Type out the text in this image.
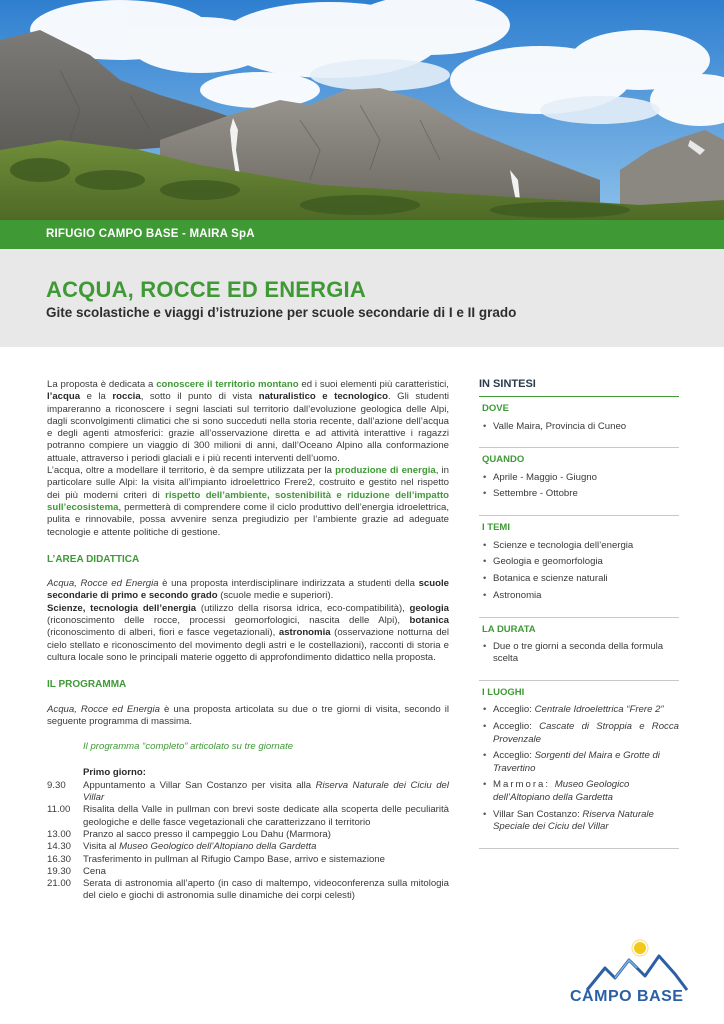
RIFUGIO CAMPO BASE - MAIRA SpA
ACQUA, ROCCE ED ENERGIA
Gite scolastiche e viaggi d’istruzione per scuole secondarie di I e II grado

La proposta è dedicata a conoscere il territorio montano ed i suoi elementi più caratteristici, l’acqua e la roccia, sotto il punto di vista naturalistico e tecnologico. Gli studenti impareranno a riconoscere i segni lasciati sul territorio dall’evoluzione geologica delle Alpi, dagli sconvolgimenti climatici che si sono succeduti nella storia recente, dall’azione dell’acqua e degli agenti atmosferici: grazie all’osservazione diretta e ad attività interattive i ragazzi potranno compiere un viaggio di 300 milioni di anni, dall’Oceano Alpino alla conformazione attuale, attraverso i periodi glaciali e i più recenti interventi dell’uomo.

L’acqua, oltre a modellare il territorio, è da sempre utilizzata per la produzione di energia, in particolare sulle Alpi: la visita all’impianto idroelettrico Frere2, costruito e gestito nel rispetto dei più moderni criteri di rispetto dell’ambiente, sostenibilità e riduzione dell’impatto sull’ecosistema, permetterà di comprendere come il ciclo produttivo dell’energia idroelettrica, pulita e rinnovabile, possa avvenire senza pregiudizio per l’ambiente grazie ad adeguate tecnologie e attente politiche di gestione.

L’AREA DIDATTICA

Acqua, Rocce ed Energia è una proposta interdisciplinare indirizzata a studenti della scuole secondarie di primo e secondo grado (scuole medie e superiori).

Scienze, tecnologia dell’energia (utilizzo della risorsa idrica, eco-compatibilità), geologia (riconoscimento delle rocce, processi geomorfologici, nascita delle Alpi), botanica (riconoscimento di alberi, fiori e fasce vegetazionali), astronomia (osservazione notturna del cielo stellato e riconoscimento del movimento degli astri e le costellazioni), racconti di storia e cultura locale sono le principali materie oggetto di approfondimento didattico nella proposta.

IL PROGRAMMA

Acqua, Rocce ed Energia è una proposta articolata su due o tre giorni di visita, secondo il seguente programma di massima.

Il programma “completo” articolato su tre giornate
Primo giorno:
9.30	Appuntamento a Villar San Costanzo per visita alla Riserva Naturale dei Ciciu del Villar
11.00	Risalita della Valle in pullman con brevi soste dedicate alla scoperta delle peculiarità geologiche e delle fasce vegetazionali che caratterizzano il territorio
13.00	Pranzo al sacco presso il campeggio Lou Dahu (Marmora)
14.30	Visita al Museo Geologico dell’Altopiano della Gardetta
16.30	Trasferimento in pullman al Rifugio Campo Base, arrivo e sistemazione
19.30	Cena
21.00	Serata di astronomia all’aperto (in caso di maltempo, videoconferenza sulla mitologia del cielo e giochi di astronomia sulle dinamiche dei corpi celesti)
IN SINTESI
DOVE
• Valle Maira, Provincia di Cuneo
QUANDO
• Aprile - Maggio - Giugno
• Settembre - Ottobre
I TEMI
• Scienze e tecnologia dell’energia
• Geologia e geomorfologia
• Botanica e scienze naturali
• Astronomia
LA DURATA
• Due o tre giorni a seconda della formula scelta
I LUOGHI
• Acceglio: Centrale Idroelettrica “Frere 2”
• Acceglio: Cascate di Stroppia e Rocca Provenzale
• Acceglio: Sorgenti del Maira e Grotte di Travertino
• Marmora: Museo Geologico dell’Altopiano della Gardetta
• Villar San Costanzo: Riserva Naturale Speciale dei Ciciu del Villar
CAMPO BASE
